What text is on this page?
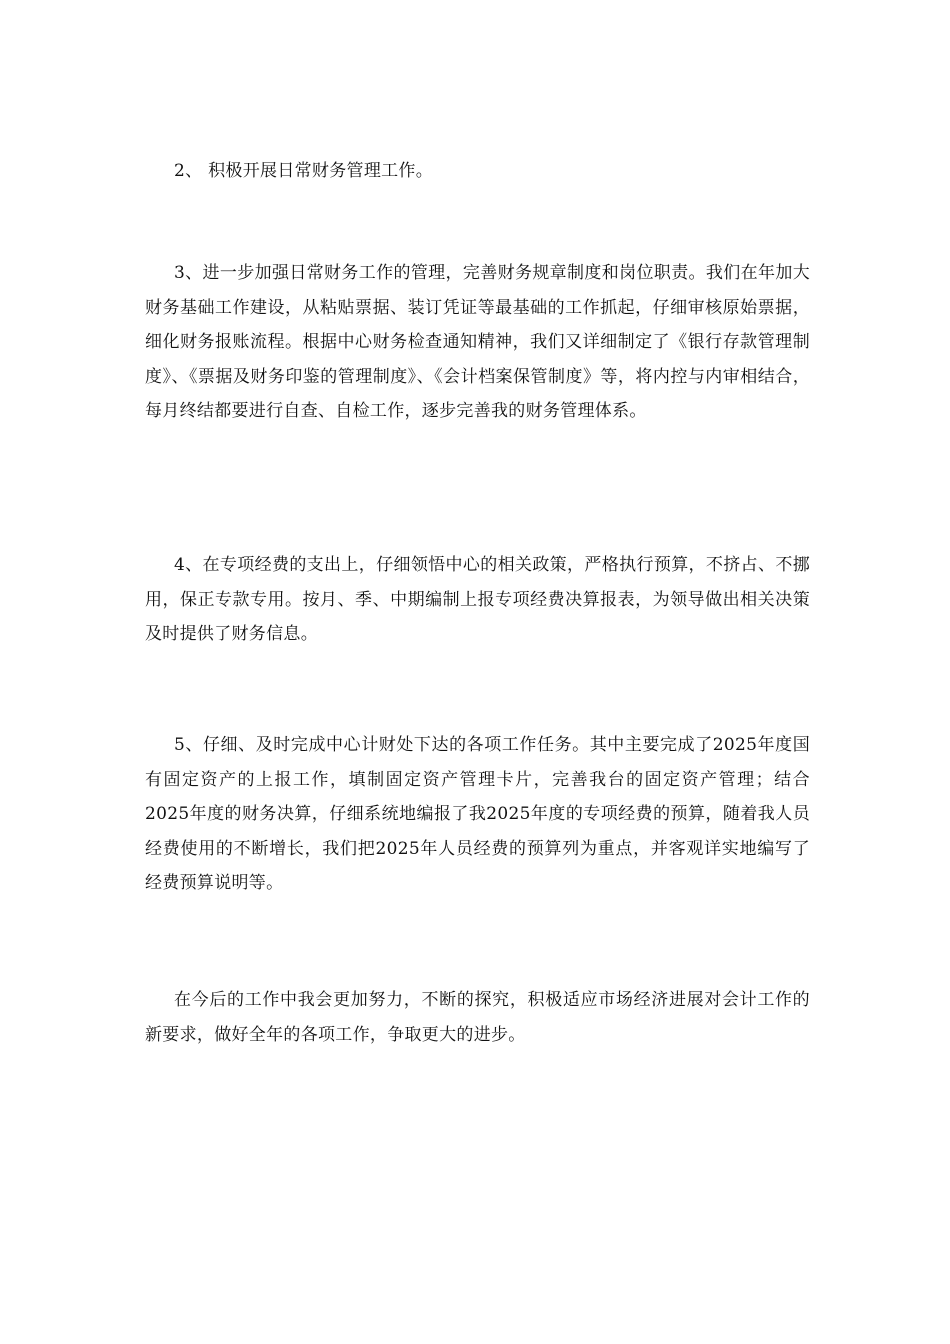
2、 积极开展日常财务管理工作。

3、进一步加强日常财务工作的管理，完善财务规章制度和岗位职责。我们在年加大财务基础工作建设，从粘贴票据、装订凭证等最基础的工作抓起，仔细审核原始票据，细化财务报账流程。根据中心财务检查通知精神，我们又详细制定了《银行存款管理制度》、《票据及财务印鉴的管理制度》、《会计档案保管制度》等，将内控与内审相结合，每月终结都要进行自查、自检工作，逐步完善我的财务管理体系。

4、在专项经费的支出上，仔细领悟中心的相关政策，严格执行预算，不挤占、不挪用，保正专款专用。按月、季、中期编制上报专项经费决算报表，为领导做出相关决策及时提供了财务信息。

5、仔细、及时完成中心计财处下达的各项工作任务。其中主要完成了2025年度国有固定资产的上报工作，填制固定资产管理卡片，完善我台的固定资产管理；结合2025年度的财务决算，仔细系统地编报了我2025年度的专项经费的预算，随着我人员经费使用的不断增长，我们把2025年人员经费的预算列为重点，并客观详实地编写了经费预算说明等。

在今后的工作中我会更加努力，不断的探究，积极适应市场经济进展对会计工作的新要求，做好全年的各项工作，争取更大的进步。
